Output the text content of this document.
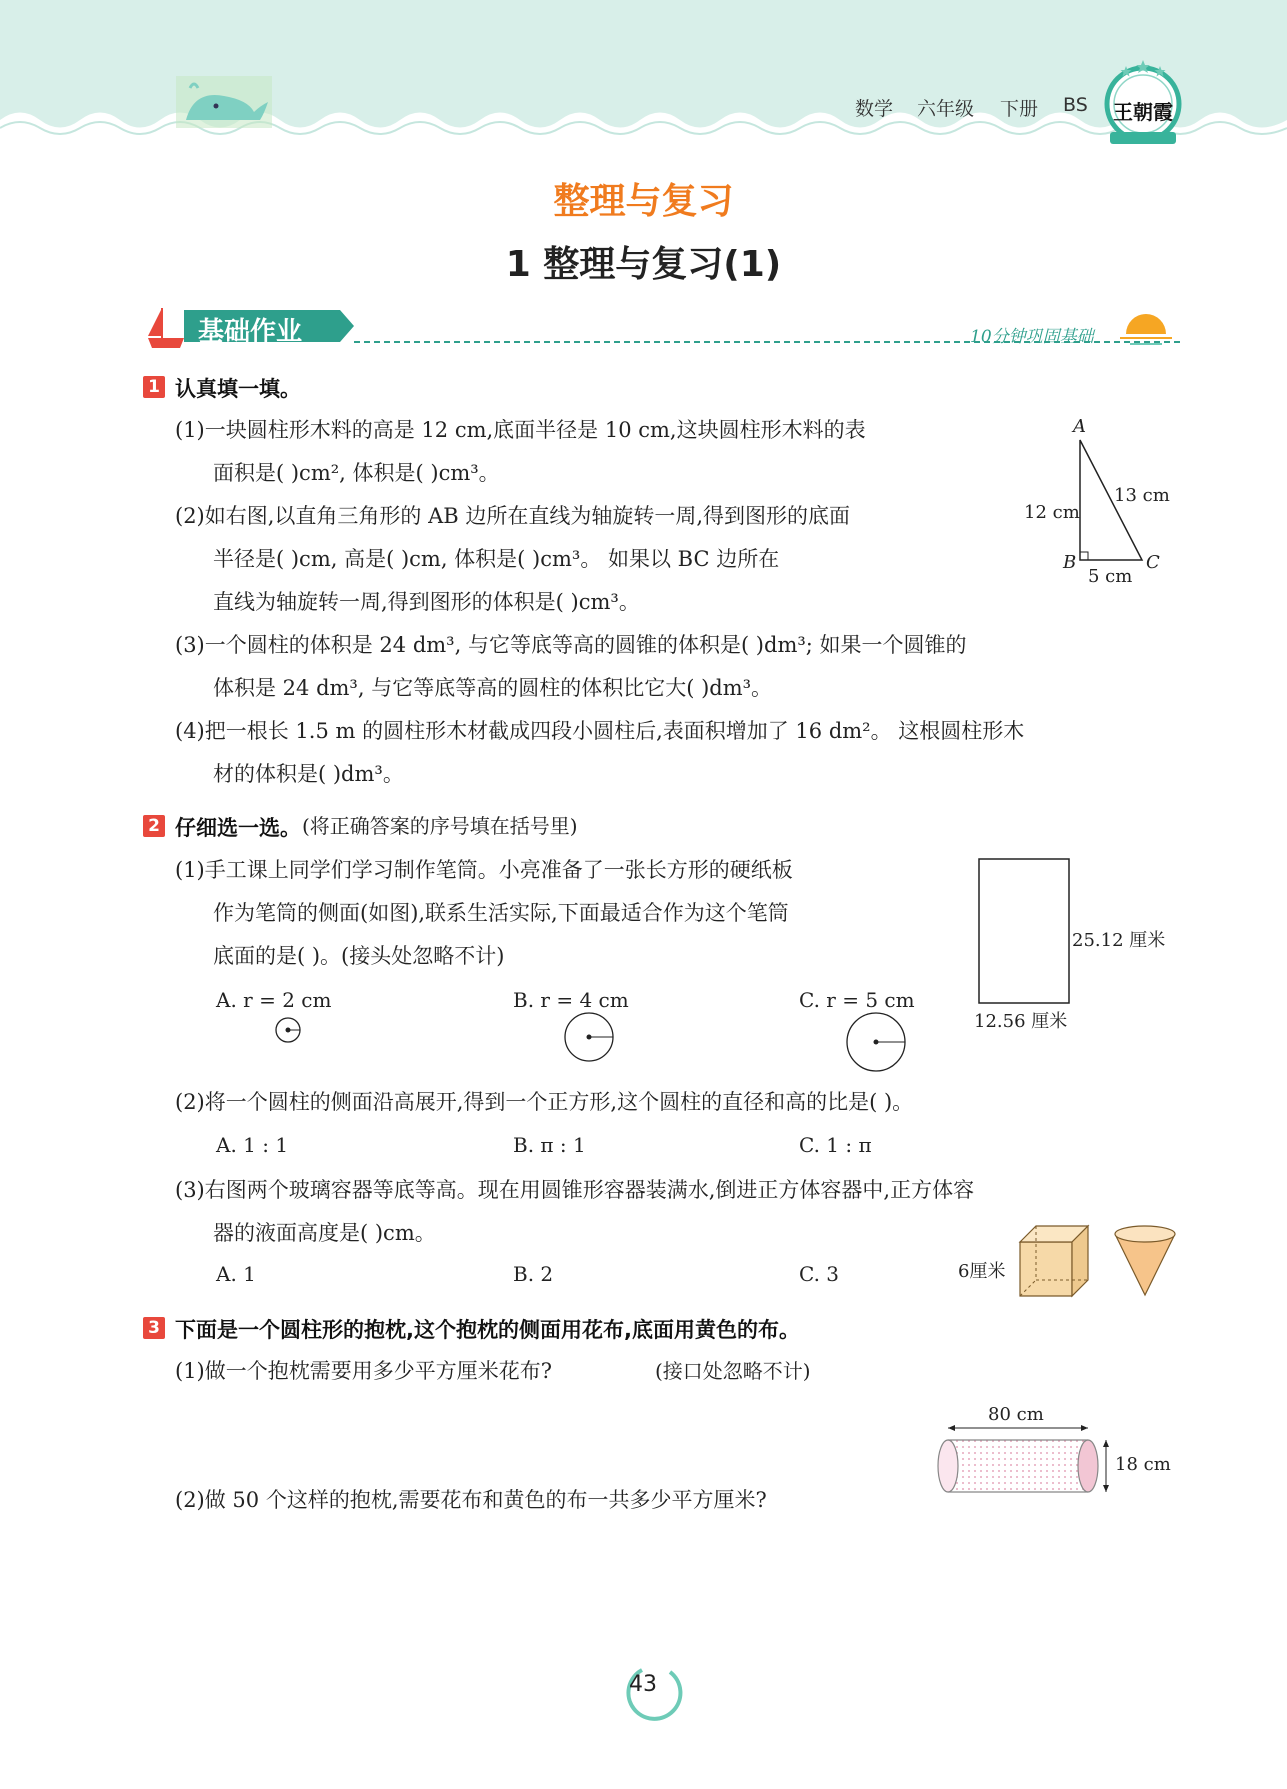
数学 六年级 下册 BS 王朝霞
整理与复习
1 整理与复习(1)
基础作业	10分钟巩固基础
1 认真填一填。
(1)一块圆柱形木料的高是 12 cm,底面半径是 10 cm,这块圆柱形木料的表
面积是( )cm², 体积是( )cm³。
(2)如右图,以直角三角形的 AB 边所在直线为轴旋转一周,得到图形的底面
半径是( )cm, 高是( )cm, 体积是( )cm³。 如果以 BC 边所在
直线为轴旋转一周,得到图形的体积是( )cm³。
(3)一个圆柱的体积是 24 dm³, 与它等底等高的圆锥的体积是( )dm³; 如果一个圆锥的
体积是 24 dm³, 与它等底等高的圆柱的体积比它大( )dm³。
(4)把一根长 1.5 m 的圆柱形木材截成四段小圆柱后,表面积增加了 16 dm²。 这根圆柱形木
材的体积是( )dm³。
A
B	C
12 cm
13 cm
5 cm
2 仔细选一选。 (将正确答案的序号填在括号里)
(1)手工课上同学们学习制作笔筒。小亮准备了一张长方形的硬纸板
作为笔筒的侧面(如图),联系生活实际,下面最适合作为这个笔筒
底面的是( )。(接头处忽略不计)
A. r = 2 cm	B. r = 4 cm	C. r = 5 cm
25.12 厘米
12.56 厘米
(2)将一个圆柱的侧面沿高展开,得到一个正方形,这个圆柱的直径和高的比是( )。
A. 1 : 1	B. π : 1	C. 1 : π
(3)右图两个玻璃容器等底等高。现在用圆锥形容器装满水,倒进正方体容器中,正方体容
器的液面高度是( )cm。
A. 1	B. 2	C. 3	6厘米
3 下面是一个圆柱形的抱枕,这个抱枕的侧面用花布,底面用黄色的布。
(1)做一个抱枕需要用多少平方厘米花布?	(接口处忽略不计)
(2)做 50 个这样的抱枕,需要花布和黄色的布一共多少平方厘米?
80 cm
18 cm
43
